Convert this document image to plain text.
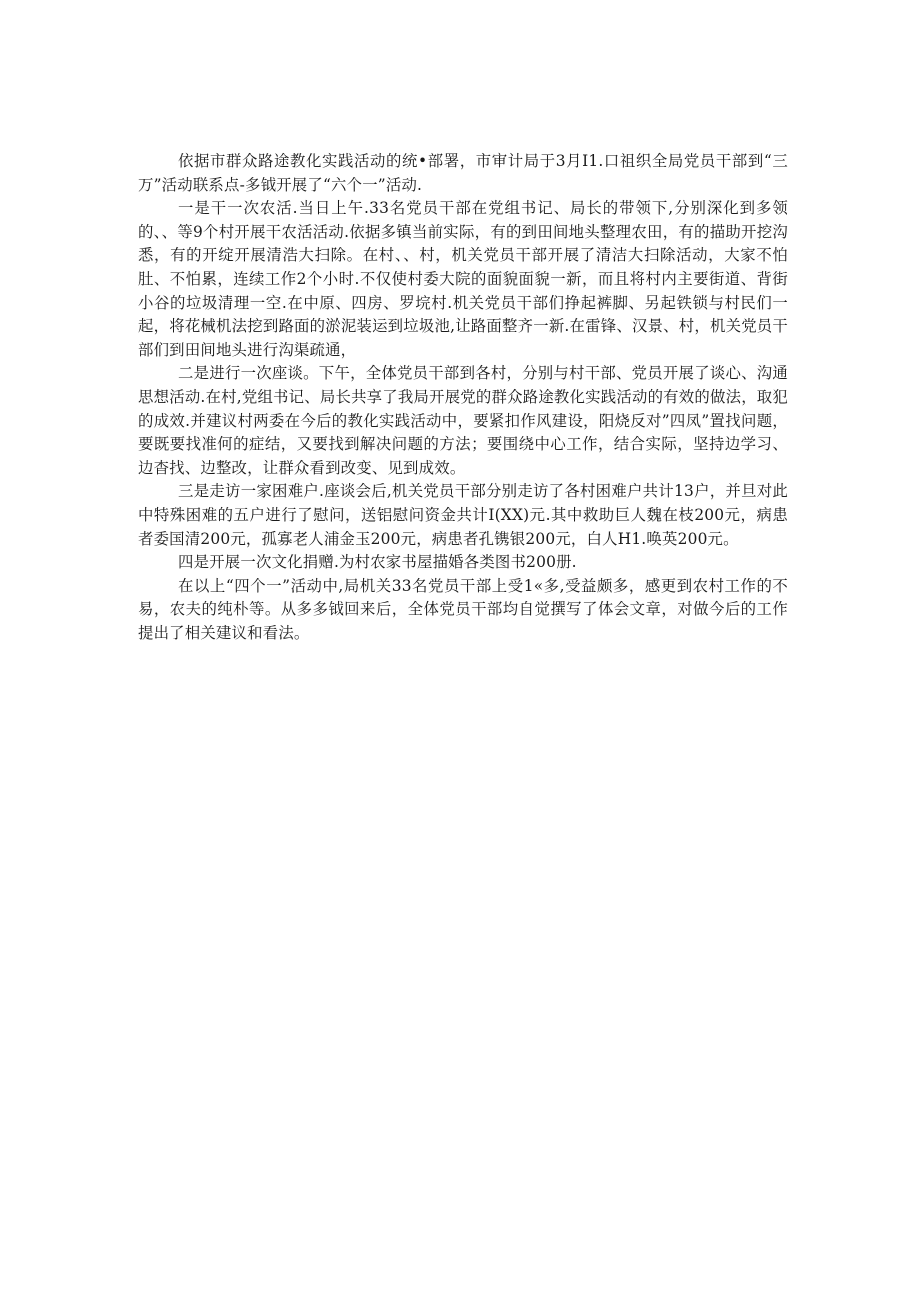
依据市群众路途教化实践活动的统•部署，市审计局于3月I1.口祖织全局党员干部到“三万”活动联系点-多钺开展了“六个一”活动.

一是干一次农活.当日上午.33名党员干部在党组书记、局长的带领下,分别深化到多领的、、等9个村开展干农活活动.依据多镇当前实际，有的到田间地头整理农田，有的描助开挖沟悉，有的开绽开展清浩大扫除。在村、、村，机关党员干部开展了清洁大扫除活动，大家不怕肚、不怕累，连续工作2个小时.不仅使村委大院的面貌面貌一新，而且将村内主要街道、背街小谷的垃圾清理一空.在中原、四房、罗垸村.机关党员干部们挣起裤脚、另起铁锁与村民们一起，将花械机法挖到路面的淤泥装运到垃圾池,让路面整齐一新.在雷锋、汉景、村，机关党员干部们到田间地头进行沟渠疏通，

二是进行一次座谈。下午，全体党员干部到各村，分别与村干部、党员开展了谈心、沟通思想活动.在村,党组书记、局长共享了我局开展党的群众路途教化实践活动的有效的做法，取犯的成效.并建议村两委在今后的教化实践活动中，要紧扣作风建设，阳烧反对”四凤”置找问题，要既要找准何的症结，又要找到解决问题的方法；要围绕中心工作，结合实际，坚持边学习、边杳找、边整改，让群众看到改变、见到成效。

三是走访一家困难户.座谈会后,机关党员干部分别走访了各村困难户共计13户，并旦对此中特殊困难的五户进行了慰问，送铝慰问资金共计I(XX)元.其中救助巨人魏在枝200元，病患者委国清200元，孤寡老人浦金玉200元，病患者孔镌银200元，白人H1.唤英200元。

四是开展一次文化捐赠.为村农家书屋描婚各类图书200册.

在以上“四个一”活动中,局机关33名党员干部上受1«多,受益颇多，感更到农村工作的不易，农夫的纯朴等。从多多钺回来后，全体党员干部均自觉撰写了体会文章，对做今后的工作提出了相关建议和看法。
